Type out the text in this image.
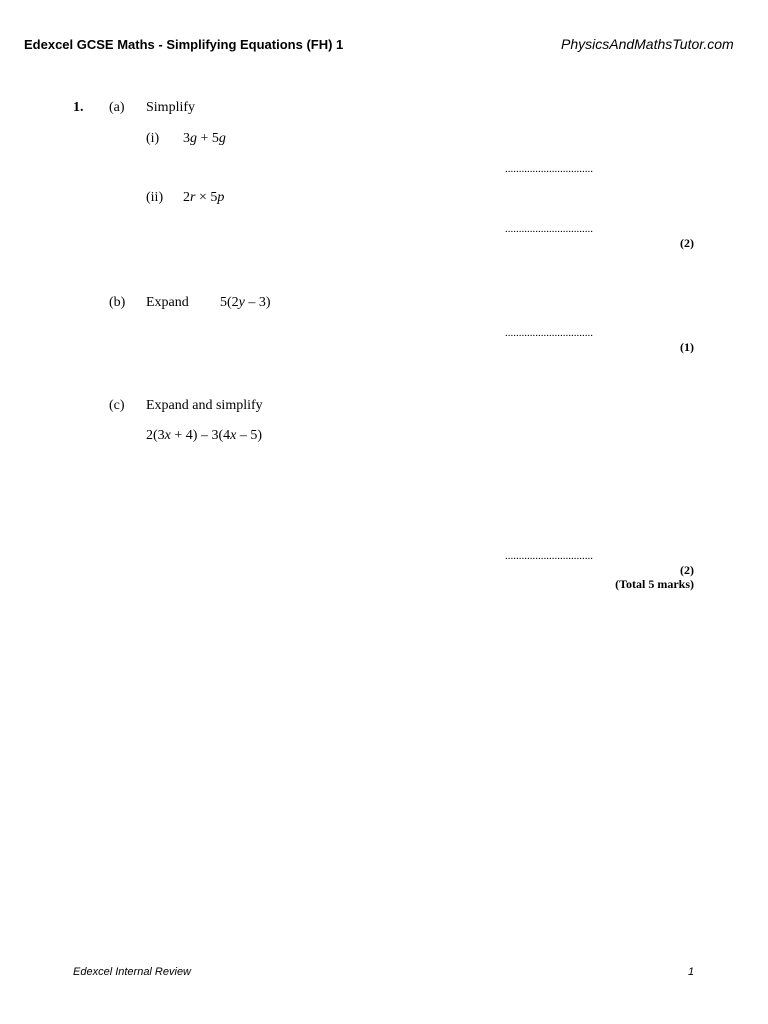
Edexcel GCSE Maths - Simplifying Equations (FH) 1	PhysicsAndMathsTutor.com
1. (a) Simplify
(i) 3g + 5g
................................
(ii) 2r × 5p
................................
(2)
(b) Expand 5(2y – 3)
................................
(1)
(c) Expand and simplify
2(3x + 4) – 3(4x – 5)
................................
(2)
(Total 5 marks)
Edexcel Internal Review	1
